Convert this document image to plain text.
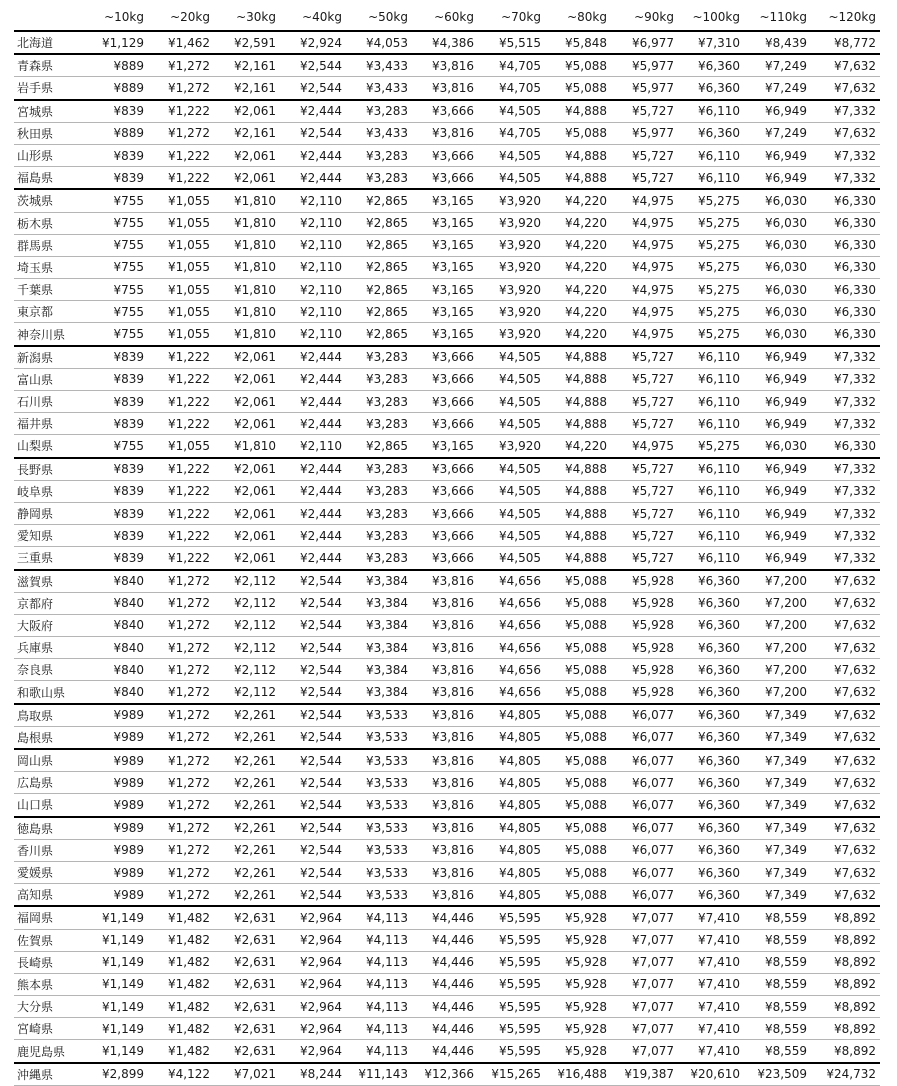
	~10kg	~20kg	~30kg	~40kg	~50kg	~60kg	~70kg	~80kg	~90kg	~100kg	~110kg	~120kg
北海道	¥1,129	¥1,462	¥2,591	¥2,924	¥4,053	¥4,386	¥5,515	¥5,848	¥6,977	¥7,310	¥8,439	¥8,772
青森県	¥889	¥1,272	¥2,161	¥2,544	¥3,433	¥3,816	¥4,705	¥5,088	¥5,977	¥6,360	¥7,249	¥7,632
岩手県	¥889	¥1,272	¥2,161	¥2,544	¥3,433	¥3,816	¥4,705	¥5,088	¥5,977	¥6,360	¥7,249	¥7,632
宮城県	¥839	¥1,222	¥2,061	¥2,444	¥3,283	¥3,666	¥4,505	¥4,888	¥5,727	¥6,110	¥6,949	¥7,332
秋田県	¥889	¥1,272	¥2,161	¥2,544	¥3,433	¥3,816	¥4,705	¥5,088	¥5,977	¥6,360	¥7,249	¥7,632
山形県	¥839	¥1,222	¥2,061	¥2,444	¥3,283	¥3,666	¥4,505	¥4,888	¥5,727	¥6,110	¥6,949	¥7,332
福島県	¥839	¥1,222	¥2,061	¥2,444	¥3,283	¥3,666	¥4,505	¥4,888	¥5,727	¥6,110	¥6,949	¥7,332
茨城県	¥755	¥1,055	¥1,810	¥2,110	¥2,865	¥3,165	¥3,920	¥4,220	¥4,975	¥5,275	¥6,030	¥6,330
栃木県	¥755	¥1,055	¥1,810	¥2,110	¥2,865	¥3,165	¥3,920	¥4,220	¥4,975	¥5,275	¥6,030	¥6,330
群馬県	¥755	¥1,055	¥1,810	¥2,110	¥2,865	¥3,165	¥3,920	¥4,220	¥4,975	¥5,275	¥6,030	¥6,330
埼玉県	¥755	¥1,055	¥1,810	¥2,110	¥2,865	¥3,165	¥3,920	¥4,220	¥4,975	¥5,275	¥6,030	¥6,330
千葉県	¥755	¥1,055	¥1,810	¥2,110	¥2,865	¥3,165	¥3,920	¥4,220	¥4,975	¥5,275	¥6,030	¥6,330
東京都	¥755	¥1,055	¥1,810	¥2,110	¥2,865	¥3,165	¥3,920	¥4,220	¥4,975	¥5,275	¥6,030	¥6,330
神奈川県	¥755	¥1,055	¥1,810	¥2,110	¥2,865	¥3,165	¥3,920	¥4,220	¥4,975	¥5,275	¥6,030	¥6,330
新潟県	¥839	¥1,222	¥2,061	¥2,444	¥3,283	¥3,666	¥4,505	¥4,888	¥5,727	¥6,110	¥6,949	¥7,332
富山県	¥839	¥1,222	¥2,061	¥2,444	¥3,283	¥3,666	¥4,505	¥4,888	¥5,727	¥6,110	¥6,949	¥7,332
石川県	¥839	¥1,222	¥2,061	¥2,444	¥3,283	¥3,666	¥4,505	¥4,888	¥5,727	¥6,110	¥6,949	¥7,332
福井県	¥839	¥1,222	¥2,061	¥2,444	¥3,283	¥3,666	¥4,505	¥4,888	¥5,727	¥6,110	¥6,949	¥7,332
山梨県	¥755	¥1,055	¥1,810	¥2,110	¥2,865	¥3,165	¥3,920	¥4,220	¥4,975	¥5,275	¥6,030	¥6,330
長野県	¥839	¥1,222	¥2,061	¥2,444	¥3,283	¥3,666	¥4,505	¥4,888	¥5,727	¥6,110	¥6,949	¥7,332
岐阜県	¥839	¥1,222	¥2,061	¥2,444	¥3,283	¥3,666	¥4,505	¥4,888	¥5,727	¥6,110	¥6,949	¥7,332
静岡県	¥839	¥1,222	¥2,061	¥2,444	¥3,283	¥3,666	¥4,505	¥4,888	¥5,727	¥6,110	¥6,949	¥7,332
愛知県	¥839	¥1,222	¥2,061	¥2,444	¥3,283	¥3,666	¥4,505	¥4,888	¥5,727	¥6,110	¥6,949	¥7,332
三重県	¥839	¥1,222	¥2,061	¥2,444	¥3,283	¥3,666	¥4,505	¥4,888	¥5,727	¥6,110	¥6,949	¥7,332
滋賀県	¥840	¥1,272	¥2,112	¥2,544	¥3,384	¥3,816	¥4,656	¥5,088	¥5,928	¥6,360	¥7,200	¥7,632
京都府	¥840	¥1,272	¥2,112	¥2,544	¥3,384	¥3,816	¥4,656	¥5,088	¥5,928	¥6,360	¥7,200	¥7,632
大阪府	¥840	¥1,272	¥2,112	¥2,544	¥3,384	¥3,816	¥4,656	¥5,088	¥5,928	¥6,360	¥7,200	¥7,632
兵庫県	¥840	¥1,272	¥2,112	¥2,544	¥3,384	¥3,816	¥4,656	¥5,088	¥5,928	¥6,360	¥7,200	¥7,632
奈良県	¥840	¥1,272	¥2,112	¥2,544	¥3,384	¥3,816	¥4,656	¥5,088	¥5,928	¥6,360	¥7,200	¥7,632
和歌山県	¥840	¥1,272	¥2,112	¥2,544	¥3,384	¥3,816	¥4,656	¥5,088	¥5,928	¥6,360	¥7,200	¥7,632
鳥取県	¥989	¥1,272	¥2,261	¥2,544	¥3,533	¥3,816	¥4,805	¥5,088	¥6,077	¥6,360	¥7,349	¥7,632
島根県	¥989	¥1,272	¥2,261	¥2,544	¥3,533	¥3,816	¥4,805	¥5,088	¥6,077	¥6,360	¥7,349	¥7,632
岡山県	¥989	¥1,272	¥2,261	¥2,544	¥3,533	¥3,816	¥4,805	¥5,088	¥6,077	¥6,360	¥7,349	¥7,632
広島県	¥989	¥1,272	¥2,261	¥2,544	¥3,533	¥3,816	¥4,805	¥5,088	¥6,077	¥6,360	¥7,349	¥7,632
山口県	¥989	¥1,272	¥2,261	¥2,544	¥3,533	¥3,816	¥4,805	¥5,088	¥6,077	¥6,360	¥7,349	¥7,632
徳島県	¥989	¥1,272	¥2,261	¥2,544	¥3,533	¥3,816	¥4,805	¥5,088	¥6,077	¥6,360	¥7,349	¥7,632
香川県	¥989	¥1,272	¥2,261	¥2,544	¥3,533	¥3,816	¥4,805	¥5,088	¥6,077	¥6,360	¥7,349	¥7,632
愛媛県	¥989	¥1,272	¥2,261	¥2,544	¥3,533	¥3,816	¥4,805	¥5,088	¥6,077	¥6,360	¥7,349	¥7,632
高知県	¥989	¥1,272	¥2,261	¥2,544	¥3,533	¥3,816	¥4,805	¥5,088	¥6,077	¥6,360	¥7,349	¥7,632
福岡県	¥1,149	¥1,482	¥2,631	¥2,964	¥4,113	¥4,446	¥5,595	¥5,928	¥7,077	¥7,410	¥8,559	¥8,892
佐賀県	¥1,149	¥1,482	¥2,631	¥2,964	¥4,113	¥4,446	¥5,595	¥5,928	¥7,077	¥7,410	¥8,559	¥8,892
長崎県	¥1,149	¥1,482	¥2,631	¥2,964	¥4,113	¥4,446	¥5,595	¥5,928	¥7,077	¥7,410	¥8,559	¥8,892
熊本県	¥1,149	¥1,482	¥2,631	¥2,964	¥4,113	¥4,446	¥5,595	¥5,928	¥7,077	¥7,410	¥8,559	¥8,892
大分県	¥1,149	¥1,482	¥2,631	¥2,964	¥4,113	¥4,446	¥5,595	¥5,928	¥7,077	¥7,410	¥8,559	¥8,892
宮崎県	¥1,149	¥1,482	¥2,631	¥2,964	¥4,113	¥4,446	¥5,595	¥5,928	¥7,077	¥7,410	¥8,559	¥8,892
鹿児島県	¥1,149	¥1,482	¥2,631	¥2,964	¥4,113	¥4,446	¥5,595	¥5,928	¥7,077	¥7,410	¥8,559	¥8,892
沖縄県	¥2,899	¥4,122	¥7,021	¥8,244	¥11,143	¥12,366	¥15,265	¥16,488	¥19,387	¥20,610	¥23,509	¥24,732
